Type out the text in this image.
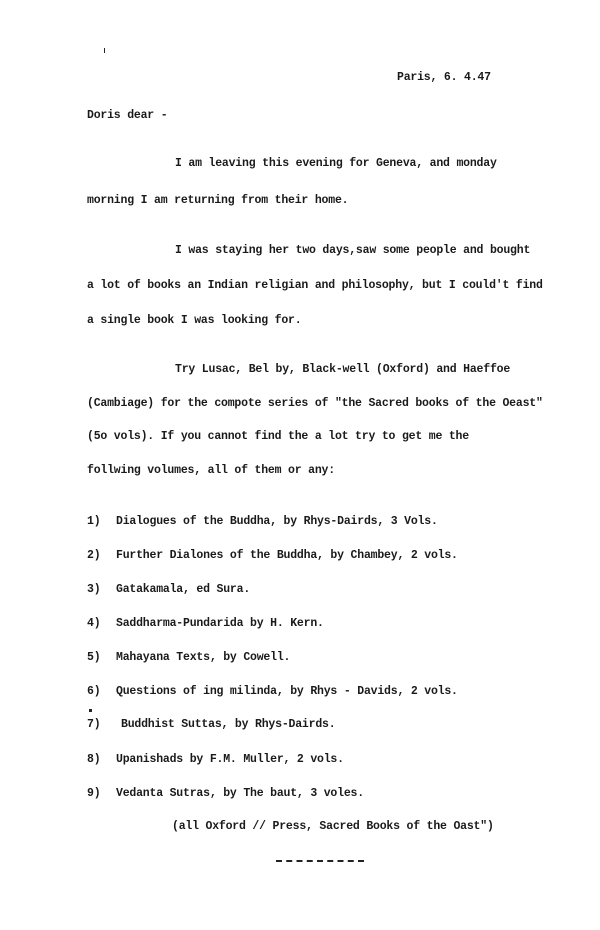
Paris, 6. 4.47
Doris dear -
I am leaving this evening for Geneva, and monday
morning I am returning from their home.
I was staying her two days,saw some people and bought
a lot of books an Indian religian and philosophy, but I could't find
a single book I was looking for.
Try Lusac, Bel by, Black-well (Oxford) and Haeffoe
(Cambiage) for the compote series of "the Sacred books of the Oeast"
(5o vols). If you cannot find the a lot try to get me the
follwing volumes, all of them or any:
1) Dialogues of the Buddha, by Rhys-Dairds, 3 Vols.
2) Further Dialones of the Buddha, by Chambey, 2 vols.
3) Gatakamala, ed Sura.
4) Saddharma-Pundarida by H. Kern.
5) Mahayana Texts, by Cowell.
6) Questions of ing milinda, by Rhys - Davids, 2 vols.
7) Buddhist Suttas, by Rhys-Dairds.
8) Upanishads by F.M. Muller, 2 vols.
9) Vedanta Sutras, by The baut, 3 voles.
(all Oxford // Press, Sacred Books of the Oast")
